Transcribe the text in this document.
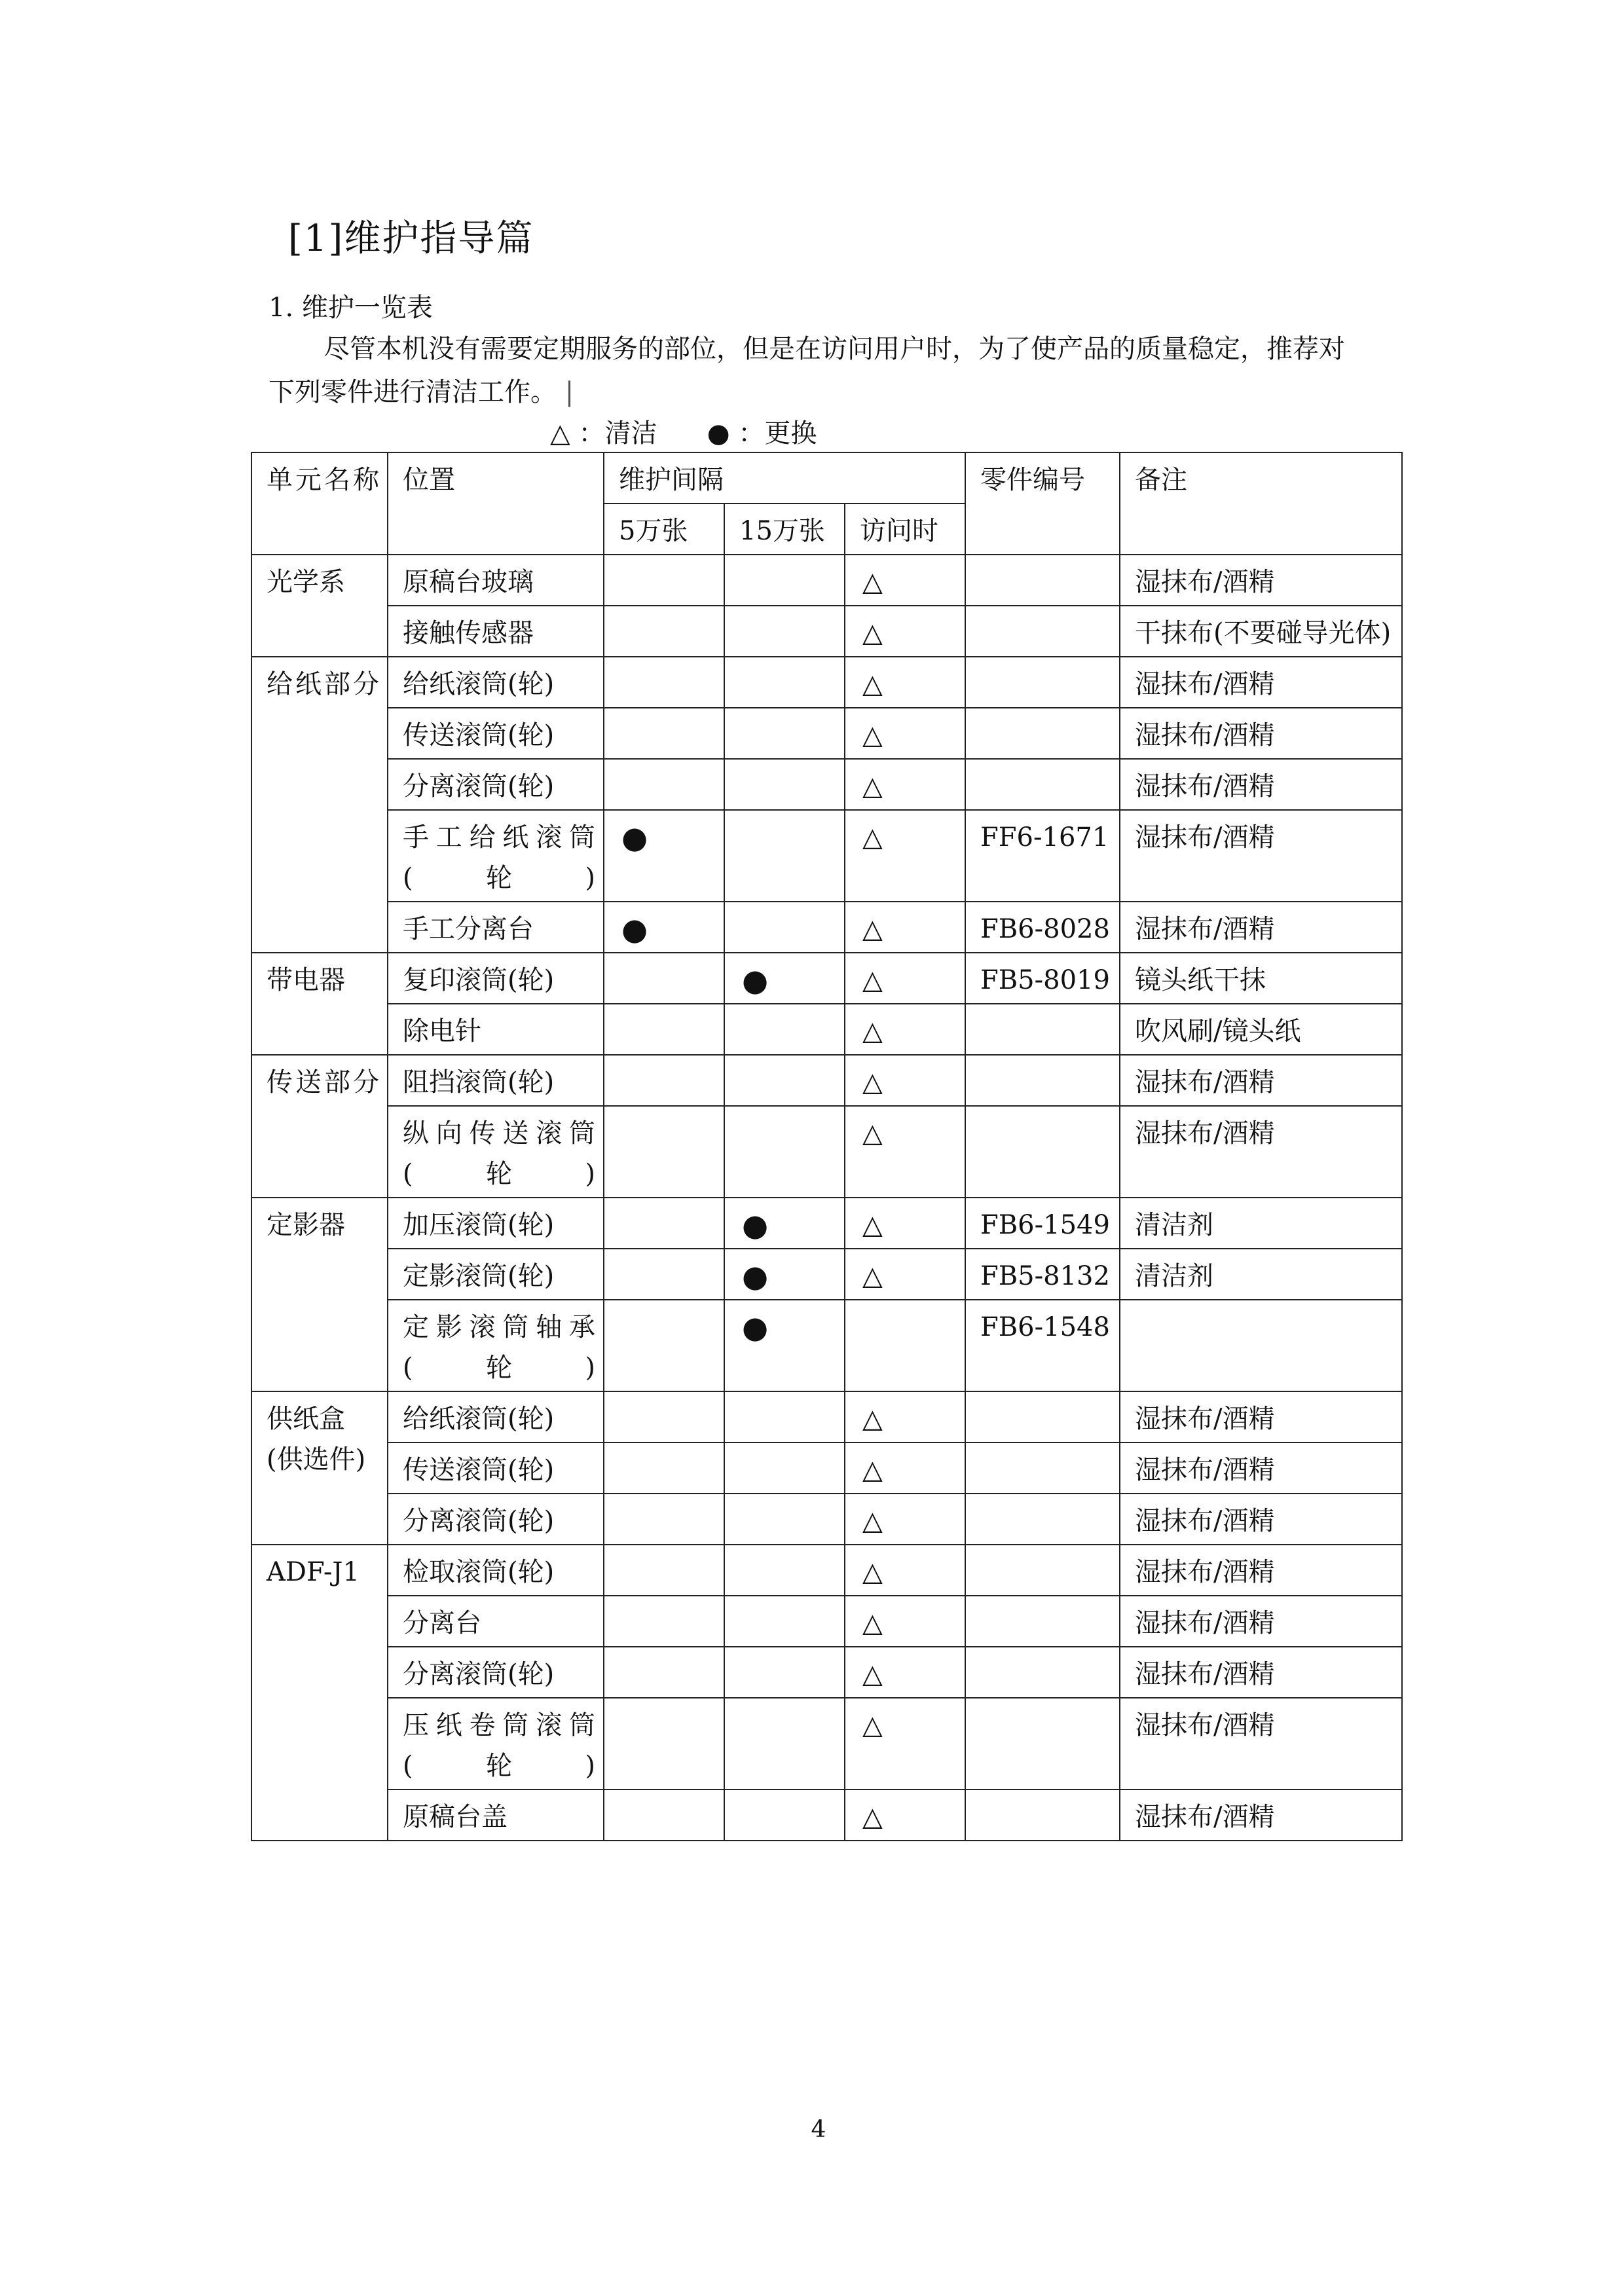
[1]维护指导篇
1. 维护一览表
尽管本机没有需要定期服务的部位，但是在访问用户时，为了使产品的质量稳定，推荐对
下列零件进行清洁工作。 |
△ ：清洁 ● ：更换
单元名称	位置	维护间隔			零件编号	备注
		5万张	15万张	访问时		
光学系	原稿台玻璃			△		湿抹布/酒精
	接触传感器			△		干抹布(不要碰导光体)
给纸部分	给纸滚筒(轮)			△		湿抹布/酒精
	传送滚筒(轮)			△		湿抹布/酒精
	分离滚筒(轮)			△		湿抹布/酒精
	手工给纸滚筒(轮)	●		△	FF6-1671	湿抹布/酒精
	手工分离台	●		△	FB6-8028	湿抹布/酒精
带电器	复印滚筒(轮)		●	△	FB5-8019	镜头纸干抹
	除电针			△		吹风刷/镜头纸
传送部分	阻挡滚筒(轮)			△		湿抹布/酒精
	纵向传送滚筒(轮)			△		湿抹布/酒精
定影器	加压滚筒(轮)		●	△	FB6-1549	清洁剂
	定影滚筒(轮)		●	△	FB5-8132	清洁剂
	定影滚筒轴承(轮)		●		FB6-1548	
供纸盒(供选件)	给纸滚筒(轮)			△		湿抹布/酒精
	传送滚筒(轮)			△		湿抹布/酒精
	分离滚筒(轮)			△		湿抹布/酒精
ADF-J1	检取滚筒(轮)			△		湿抹布/酒精
	分离台			△		湿抹布/酒精
	分离滚筒(轮)			△		湿抹布/酒精
	压纸卷筒滚筒(轮)			△		湿抹布/酒精
	原稿台盖			△		湿抹布/酒精
4
